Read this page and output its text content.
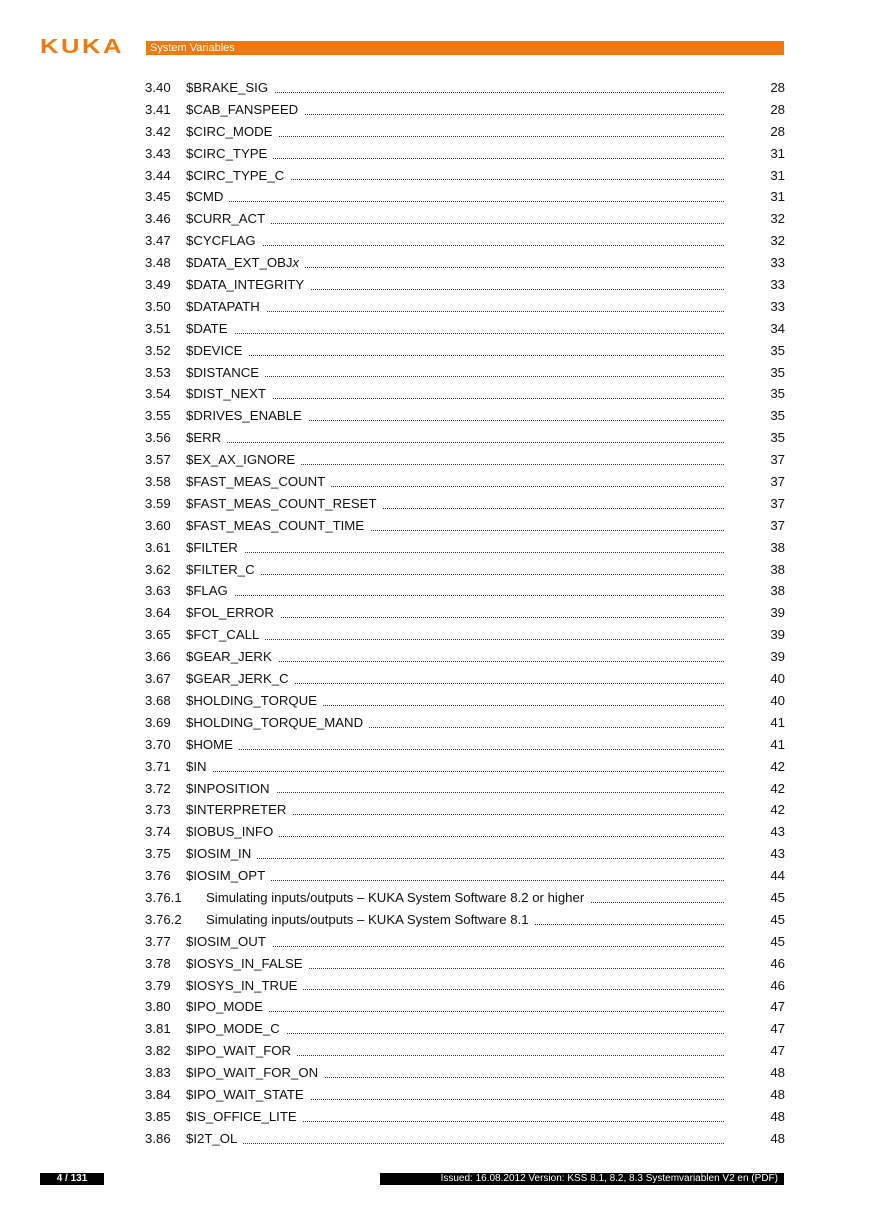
KUKA System Variables
3.40 $BRAKE_SIG	28
3.41 $CAB_FANSPEED	28
3.42 $CIRC_MODE	28
3.43 $CIRC_TYPE	31
3.44 $CIRC_TYPE_C	31
3.45 $CMD	31
3.46 $CURR_ACT	32
3.47 $CYCFLAG	32
3.48 $DATA_EXT_OBJx	33
3.49 $DATA_INTEGRITY	33
3.50 $DATAPATH	33
3.51 $DATE	34
3.52 $DEVICE	35
3.53 $DISTANCE	35
3.54 $DIST_NEXT	35
3.55 $DRIVES_ENABLE	35
3.56 $ERR	35
3.57 $EX_AX_IGNORE	37
3.58 $FAST_MEAS_COUNT	37
3.59 $FAST_MEAS_COUNT_RESET	37
3.60 $FAST_MEAS_COUNT_TIME	37
3.61 $FILTER	38
3.62 $FILTER_C	38
3.63 $FLAG	38
3.64 $FOL_ERROR	39
3.65 $FCT_CALL	39
3.66 $GEAR_JERK	39
3.67 $GEAR_JERK_C	40
3.68 $HOLDING_TORQUE	40
3.69 $HOLDING_TORQUE_MAND	41
3.70 $HOME	41
3.71 $IN	42
3.72 $INPOSITION	42
3.73 $INTERPRETER	42
3.74 $IOBUS_INFO	43
3.75 $IOSIM_IN	43
3.76 $IOSIM_OPT	44
3.76.1 Simulating inputs/outputs – KUKA System Software 8.2 or higher	45
3.76.2 Simulating inputs/outputs – KUKA System Software 8.1	45
3.77 $IOSIM_OUT	45
3.78 $IOSYS_IN_FALSE	46
3.79 $IOSYS_IN_TRUE	46
3.80 $IPO_MODE	47
3.81 $IPO_MODE_C	47
3.82 $IPO_WAIT_FOR	47
3.83 $IPO_WAIT_FOR_ON	48
3.84 $IPO_WAIT_STATE	48
3.85 $IS_OFFICE_LITE	48
3.86 $I2T_OL	48
4 / 131	Issued: 16.08.2012 Version: KSS 8.1, 8.2, 8.3 Systemvariablen V2 en (PDF)
